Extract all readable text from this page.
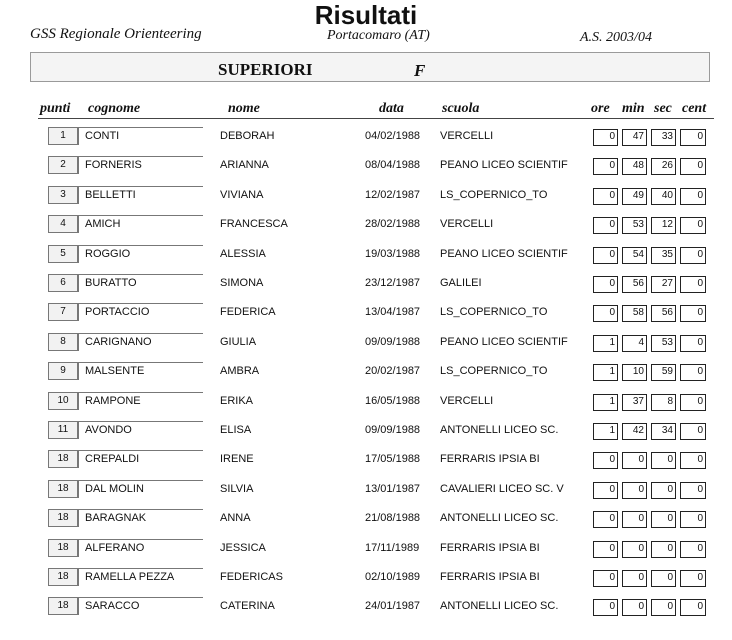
Risultati
GSS Regionale Orienteering	Portacomaro (AT)	A.S. 2003/04
SUPERIORI	F
punti cognome	nome	data	scuola	ore min sec cent
1	CONTI	DEBORAH	04/02/1988 VERCELLI	0	47	33	0
2	FORNERIS	ARIANNA	08/04/1988 PEANO LICEO SCIENTIF	0	48	26	0
3	BELLETTI	VIVIANA	12/02/1987 LS_COPERNICO_TO	0	49	40	0
4	AMICH	FRANCESCA	28/02/1988 VERCELLI	0	53	12	0
5	ROGGIO	ALESSIA	19/03/1988 PEANO LICEO SCIENTIF	0	54	35	0
6	BURATTO	SIMONA	23/12/1987 GALILEI	0	56	27	0
7	PORTACCIO	FEDERICA	13/04/1987 LS_COPERNICO_TO	0	58	56	0
8	CARIGNANO	GIULIA	09/09/1988 PEANO LICEO SCIENTIF	1	4	53	0
9	MALSENTE	AMBRA	20/02/1987 LS_COPERNICO_TO	1	10	59	0
10	RAMPONE	ERIKA	16/05/1988 VERCELLI	1	37	8	0
11	AVONDO	ELISA	09/09/1988 ANTONELLI LICEO SC.	1	42	34	0
18	CREPALDI	IRENE	17/05/1988 FERRARIS IPSIA BI	0	0	0	0
18	DAL MOLIN	SILVIA	13/01/1987 CAVALIERI LICEO SC. V	0	0	0	0
18	BARAGNAK	ANNA	21/08/1988 ANTONELLI LICEO SC.	0	0	0	0
18	ALFERANO	JESSICA	17/11/1989 FERRARIS IPSIA BI	0	0	0	0
18	RAMELLA PEZZA	FEDERICAS	02/10/1989 FERRARIS IPSIA BI	0	0	0	0
18	SARACCO	CATERINA	24/01/1987 ANTONELLI LICEO SC.	0	0	0	0
